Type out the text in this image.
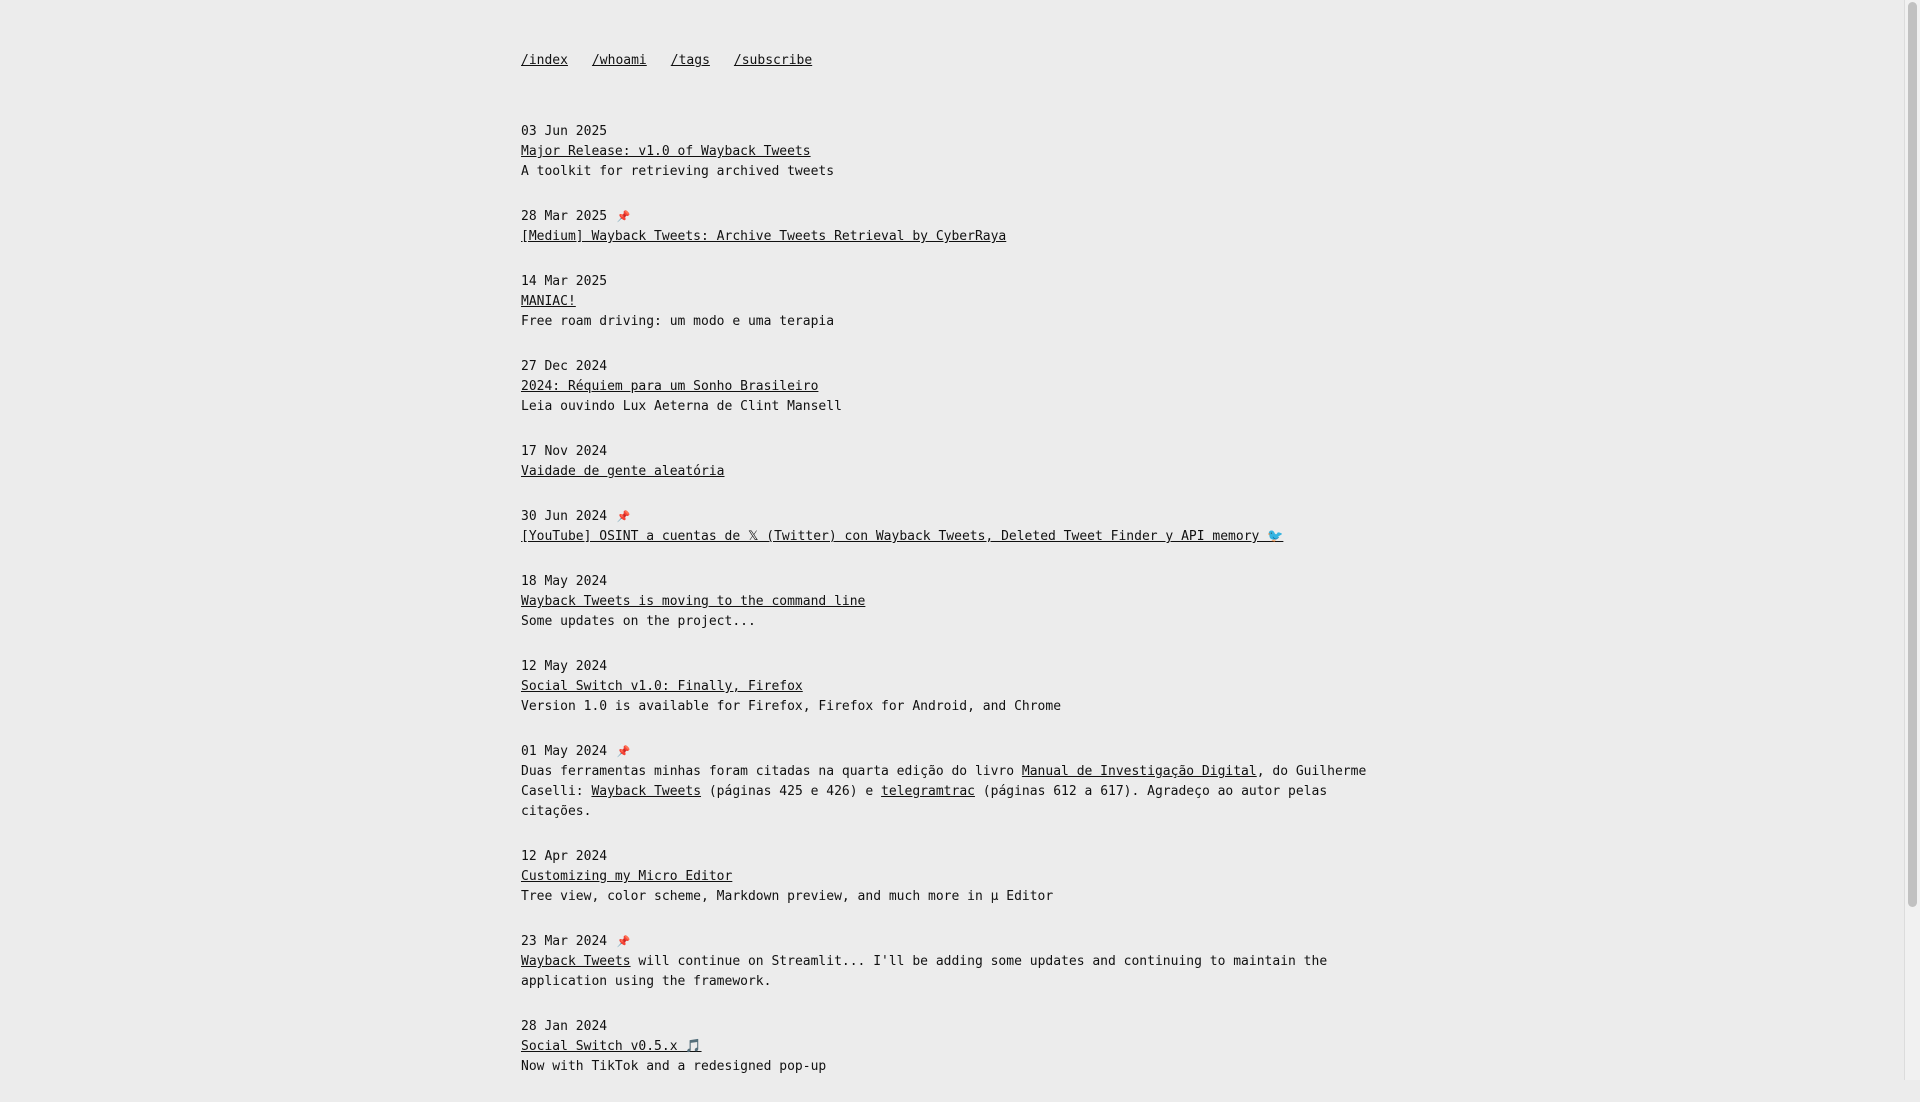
/index /whoami /tags /subscribe
03 Jun 2025
Major Release: v1.0 of Wayback Tweets
A toolkit for retrieving archived tweets
28 Mar 2025 📌
[Medium] Wayback Tweets: Archive Tweets Retrieval by CyberRaya
14 Mar 2025
MANIAC!
Free roam driving: um modo e uma terapia
27 Dec 2024
2024: Réquiem para um Sonho Brasileiro
Leia ouvindo Lux Aeterna de Clint Mansell
17 Nov 2024
Vaidade de gente aleatória
30 Jun 2024 📌
[YouTube] OSINT a cuentas de 𝕏 (Twitter) con Wayback Tweets, Deleted Tweet Finder y API memory 🐦
18 May 2024
Wayback Tweets is moving to the command line
Some updates on the project...
12 May 2024
Social Switch v1.0: Finally, Firefox
Version 1.0 is available for Firefox, Firefox for Android, and Chrome
01 May 2024 📌
Duas ferramentas minhas foram citadas na quarta edição do livro Manual de Investigação Digital, do Guilherme Caselli: Wayback Tweets (páginas 425 e 426) e telegramtrac (páginas 612 a 617). Agradeço ao autor pelas citações.
12 Apr 2024
Customizing my Micro Editor
Tree view, color scheme, Markdown preview, and much more in µ Editor
23 Mar 2024 📌
Wayback Tweets will continue on Streamlit... I'll be adding some updates and continuing to maintain the application using the framework.
28 Jan 2024
Social Switch v0.5.x 🎵
Now with TikTok and a redesigned pop-up
